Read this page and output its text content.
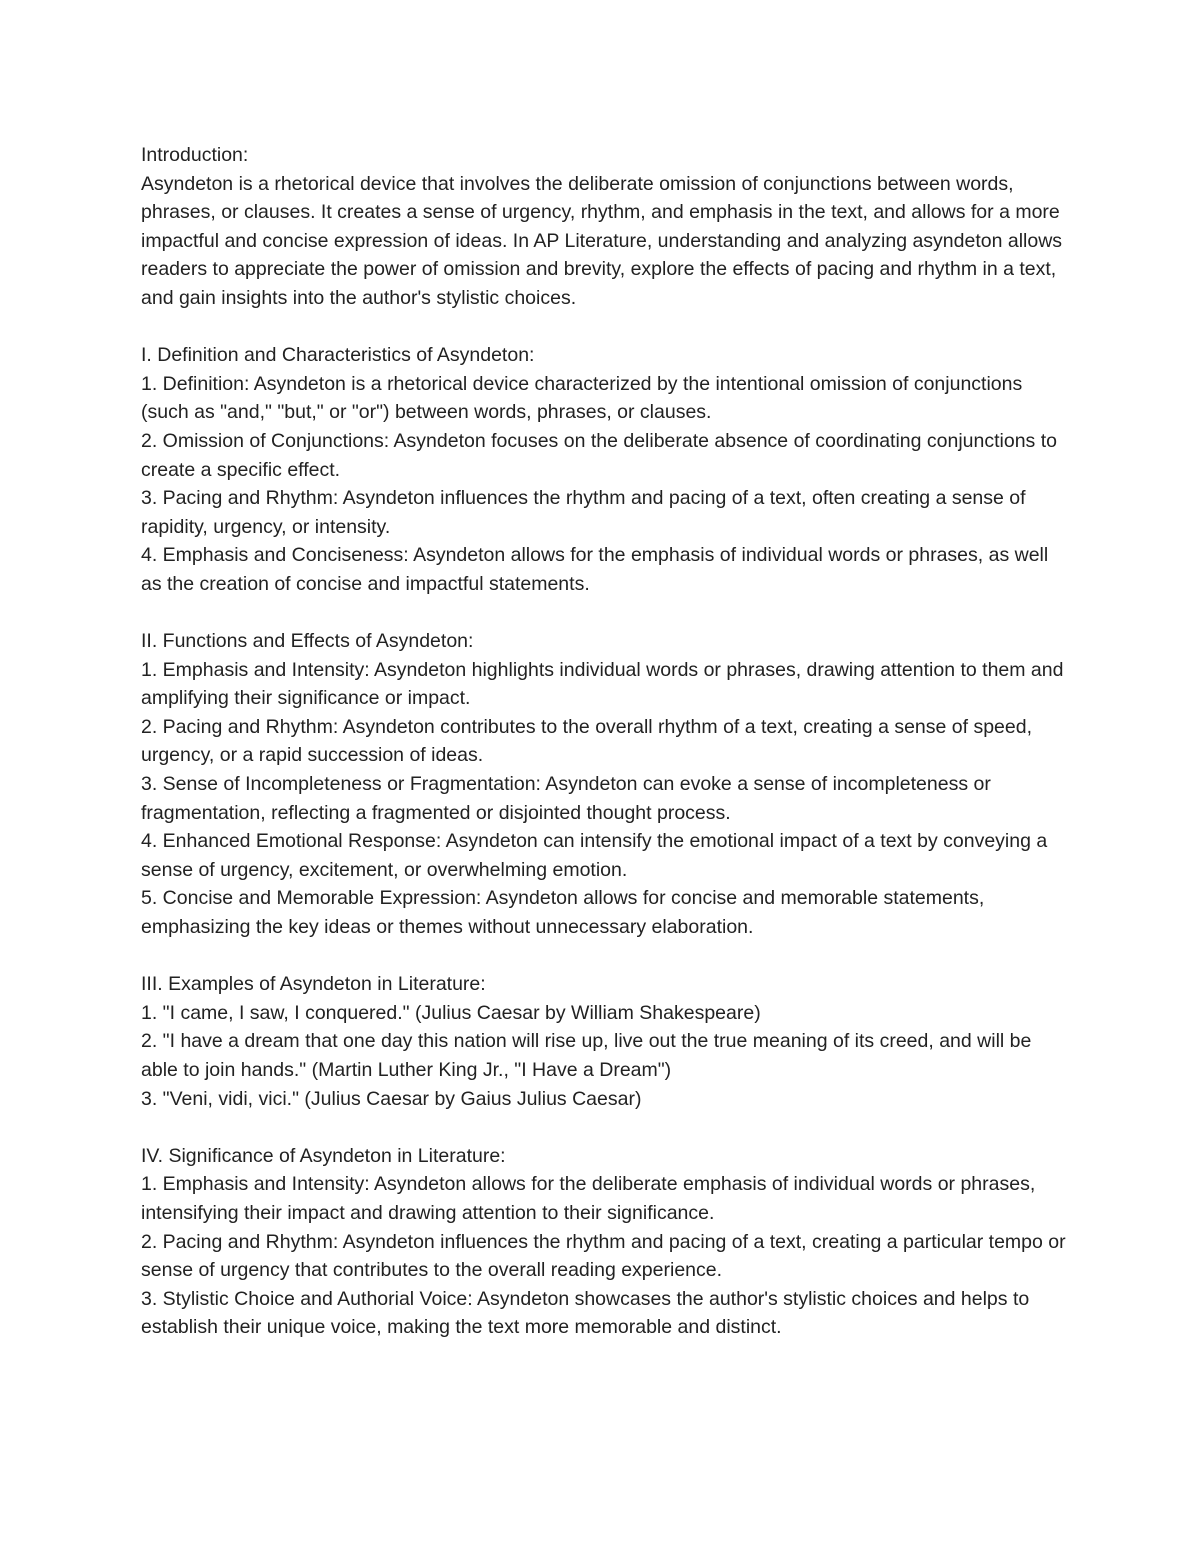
Introduction:

Asyndeton is a rhetorical device that involves the deliberate omission of conjunctions between words, phrases, or clauses. It creates a sense of urgency, rhythm, and emphasis in the text, and allows for a more impactful and concise expression of ideas. In AP Literature, understanding and analyzing asyndeton allows readers to appreciate the power of omission and brevity, explore the effects of pacing and rhythm in a text, and gain insights into the author's stylistic choices.

I. Definition and Characteristics of Asyndeton:

1. Definition: Asyndeton is a rhetorical device characterized by the intentional omission of conjunctions (such as "and," "but," or "or") between words, phrases, or clauses.

2. Omission of Conjunctions: Asyndeton focuses on the deliberate absence of coordinating conjunctions to create a specific effect.

3. Pacing and Rhythm: Asyndeton influences the rhythm and pacing of a text, often creating a sense of rapidity, urgency, or intensity.

4. Emphasis and Conciseness: Asyndeton allows for the emphasis of individual words or phrases, as well as the creation of concise and impactful statements.

II. Functions and Effects of Asyndeton:

1. Emphasis and Intensity: Asyndeton highlights individual words or phrases, drawing attention to them and amplifying their significance or impact.

2. Pacing and Rhythm: Asyndeton contributes to the overall rhythm of a text, creating a sense of speed, urgency, or a rapid succession of ideas.

3. Sense of Incompleteness or Fragmentation: Asyndeton can evoke a sense of incompleteness or fragmentation, reflecting a fragmented or disjointed thought process.

4. Enhanced Emotional Response: Asyndeton can intensify the emotional impact of a text by conveying a sense of urgency, excitement, or overwhelming emotion.

5. Concise and Memorable Expression: Asyndeton allows for concise and memorable statements, emphasizing the key ideas or themes without unnecessary elaboration.

III. Examples of Asyndeton in Literature:

1. "I came, I saw, I conquered." (Julius Caesar by William Shakespeare)

2. "I have a dream that one day this nation will rise up, live out the true meaning of its creed, and will be able to join hands." (Martin Luther King Jr., "I Have a Dream")

3. "Veni, vidi, vici." (Julius Caesar by Gaius Julius Caesar)

IV. Significance of Asyndeton in Literature:

1. Emphasis and Intensity: Asyndeton allows for the deliberate emphasis of individual words or phrases, intensifying their impact and drawing attention to their significance.

2. Pacing and Rhythm: Asyndeton influences the rhythm and pacing of a text, creating a particular tempo or sense of urgency that contributes to the overall reading experience.

3. Stylistic Choice and Authorial Voice: Asyndeton showcases the author's stylistic choices and helps to establish their unique voice, making the text more memorable and distinct.
